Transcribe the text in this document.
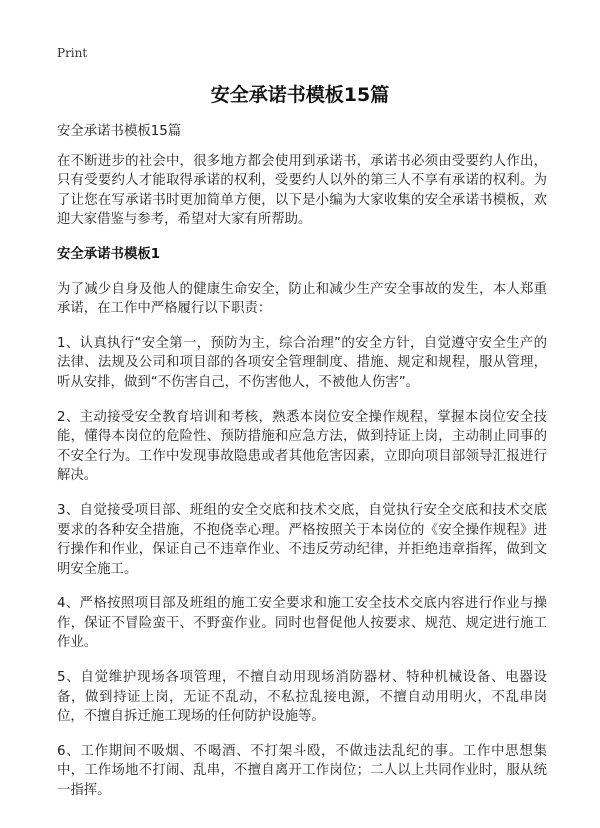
Print
安全承诺书模板15篇

安全承诺书模板15篇

在不断进步的社会中，很多地方都会使用到承诺书，承诺书必须由受要约人作出，只有受要约人才能取得承诺的权利，受要约人以外的第三人不享有承诺的权利。为了让您在写承诺书时更加简单方便，以下是小编为大家收集的安全承诺书模板，欢迎大家借鉴与参考，希望对大家有所帮助。

安全承诺书模板1

为了减少自身及他人的健康生命安全，防止和减少生产安全事故的发生，本人郑重承诺，在工作中严格履行以下职责：

1、认真执行“安全第一，预防为主，综合治理”的安全方针，自觉遵守安全生产的法律、法规及公司和项目部的各项安全管理制度、措施、规定和规程，服从管理，听从安排，做到“不伤害自己，不伤害他人，不被他人伤害”。

2、主动接受安全教育培训和考核，熟悉本岗位安全操作规程，掌握本岗位安全技能，懂得本岗位的危险性、预防措施和应急方法，做到持证上岗，主动制止同事的不安全行为。工作中发现事故隐患或者其他危害因素，立即向项目部领导汇报进行解决。

3、自觉接受项目部、班组的安全交底和技术交底，自觉执行安全交底和技术交底要求的各种安全措施，不抱侥幸心理。严格按照关于本岗位的《安全操作规程》进行操作和作业，保证自己不违章作业、不违反劳动纪律，并拒绝违章指挥，做到文明安全施工。

4、严格按照项目部及班组的施工安全要求和施工安全技术交底内容进行作业与操作，保证不冒险蛮干、不野蛮作业。同时也督促他人按要求、规范、规定进行施工作业。

5、自觉维护现场各项管理，不擅自动用现场消防器材、特种机械设备、电器设备，做到持证上岗，无证不乱动，不私拉乱接电源，不擅自动用明火，不乱串岗位，不擅自拆迁施工现场的任何防护设施等。

6、工作期间不吸烟、不喝酒、不打架斗殴，不做违法乱纪的事。工作中思想集中，工作场地不打闹、乱串，不擅自离开工作岗位；二人以上共同作业时，服从统一指挥。
